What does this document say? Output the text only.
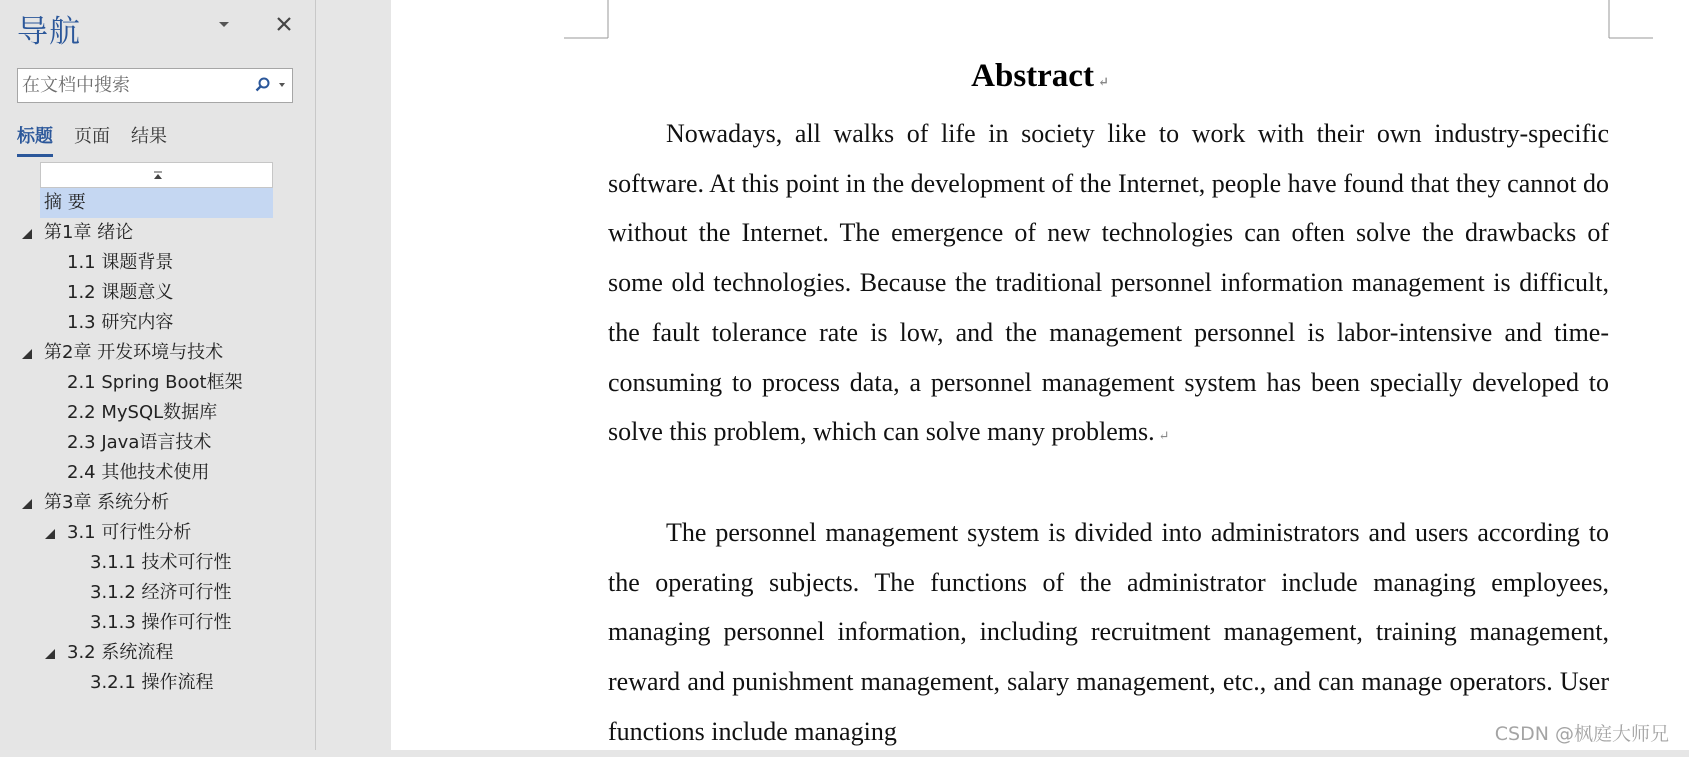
导航
在文档中搜索
标题 页面 结果
摘 要
第1章 绪论
1.1 课题背景
1.2 课题意义
1.3 研究内容
第2章 开发环境与技术
2.1 Spring Boot框架
2.2 MySQL数据库
2.3 Java语言技术
2.4 其他技术使用
第3章 系统分析
3.1 可行性分析
3.1.1 技术可行性
3.1.2 经济可行性
3.1.3 操作可行性
3.2 系统流程
3.2.1 操作流程
Abstract ↵

Nowadays, all walks of life in society like to work with their own industry-specific software. At this point in the development of the Internet, people have found that they cannot do without the Internet. The emergence of new technologies can often solve the drawbacks of some old technologies. Because the traditional personnel information management is difficult, the fault tolerance rate is low, and the management personnel is labor-intensive and time-consuming to process data, a personnel management system has been specially developed to solve this problem, which can solve many problems. ↵

The personnel management system is divided into administrators and users according to the operating subjects. The functions of the administrator include managing employees, managing personnel information, including recruitment management, training management, reward and punishment management, salary management, etc., and can manage operators. User functions include managing	CSDN @枫庭大师兄
